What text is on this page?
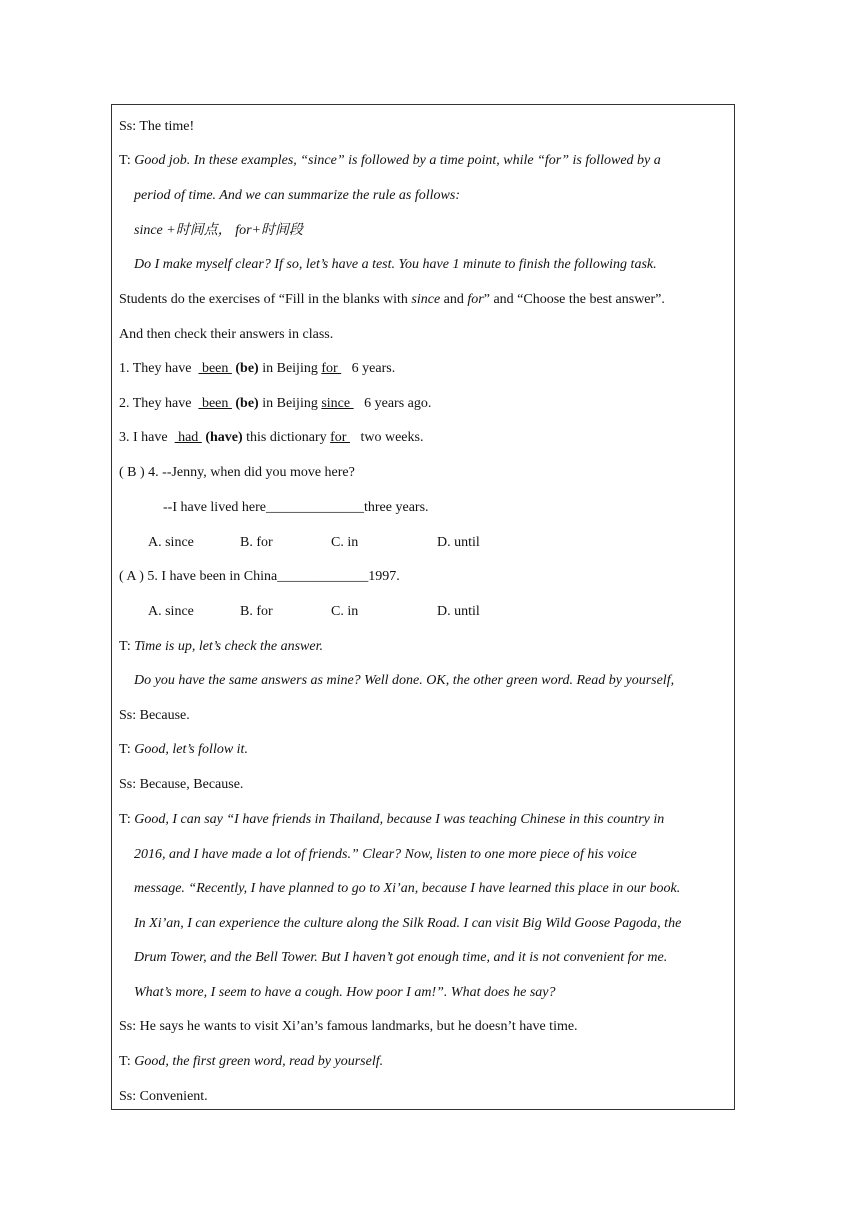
Ss: The time!
T: Good job. In these examples, “since” is followed by a time point, while “for” is followed by a
period of time. And we can summarize the rule as follows:
since +时间点， for+时间段
Do I make myself clear? If so, let’s have a test. You have 1 minute to finish the following task.
Students do the exercises of “Fill in the blanks with since and for” and “Choose the best answer”.
And then check their answers in class.
1. They have   been  (be) in Beijing for    6 years.
2. They have   been  (be) in Beijing since    6 years ago.
3. I have   had  (have) this dictionary for    two weeks.
( B ) 4. --Jenny, when did you move here?
--I have lived here______________three years.
A. since	B. for	C. in	D. until
( A ) 5. I have been in China_____________1997.
A. since	B. for	C. in	D. until
T: Time is up, let’s check the answer.
Do you have the same answers as mine? Well done. OK, the other green word. Read by yourself,
Ss: Because.
T: Good, let’s follow it.
Ss: Because, Because.
T: Good, I can say “I have friends in Thailand, because I was teaching Chinese in this country in
2016, and I have made a lot of friends.” Clear? Now, listen to one more piece of his voice
message. “Recently, I have planned to go to Xi’an, because I have learned this place in our book.
In Xi’an, I can experience the culture along the Silk Road. I can visit Big Wild Goose Pagoda, the
Drum Tower, and the Bell Tower. But I haven’t got enough time, and it is not convenient for me.
What’s more, I seem to have a cough. How poor I am!”. What does he say?
Ss: He says he wants to visit Xi’an’s famous landmarks, but he doesn’t have time.
T: Good, the first green word, read by yourself.
Ss: Convenient.
